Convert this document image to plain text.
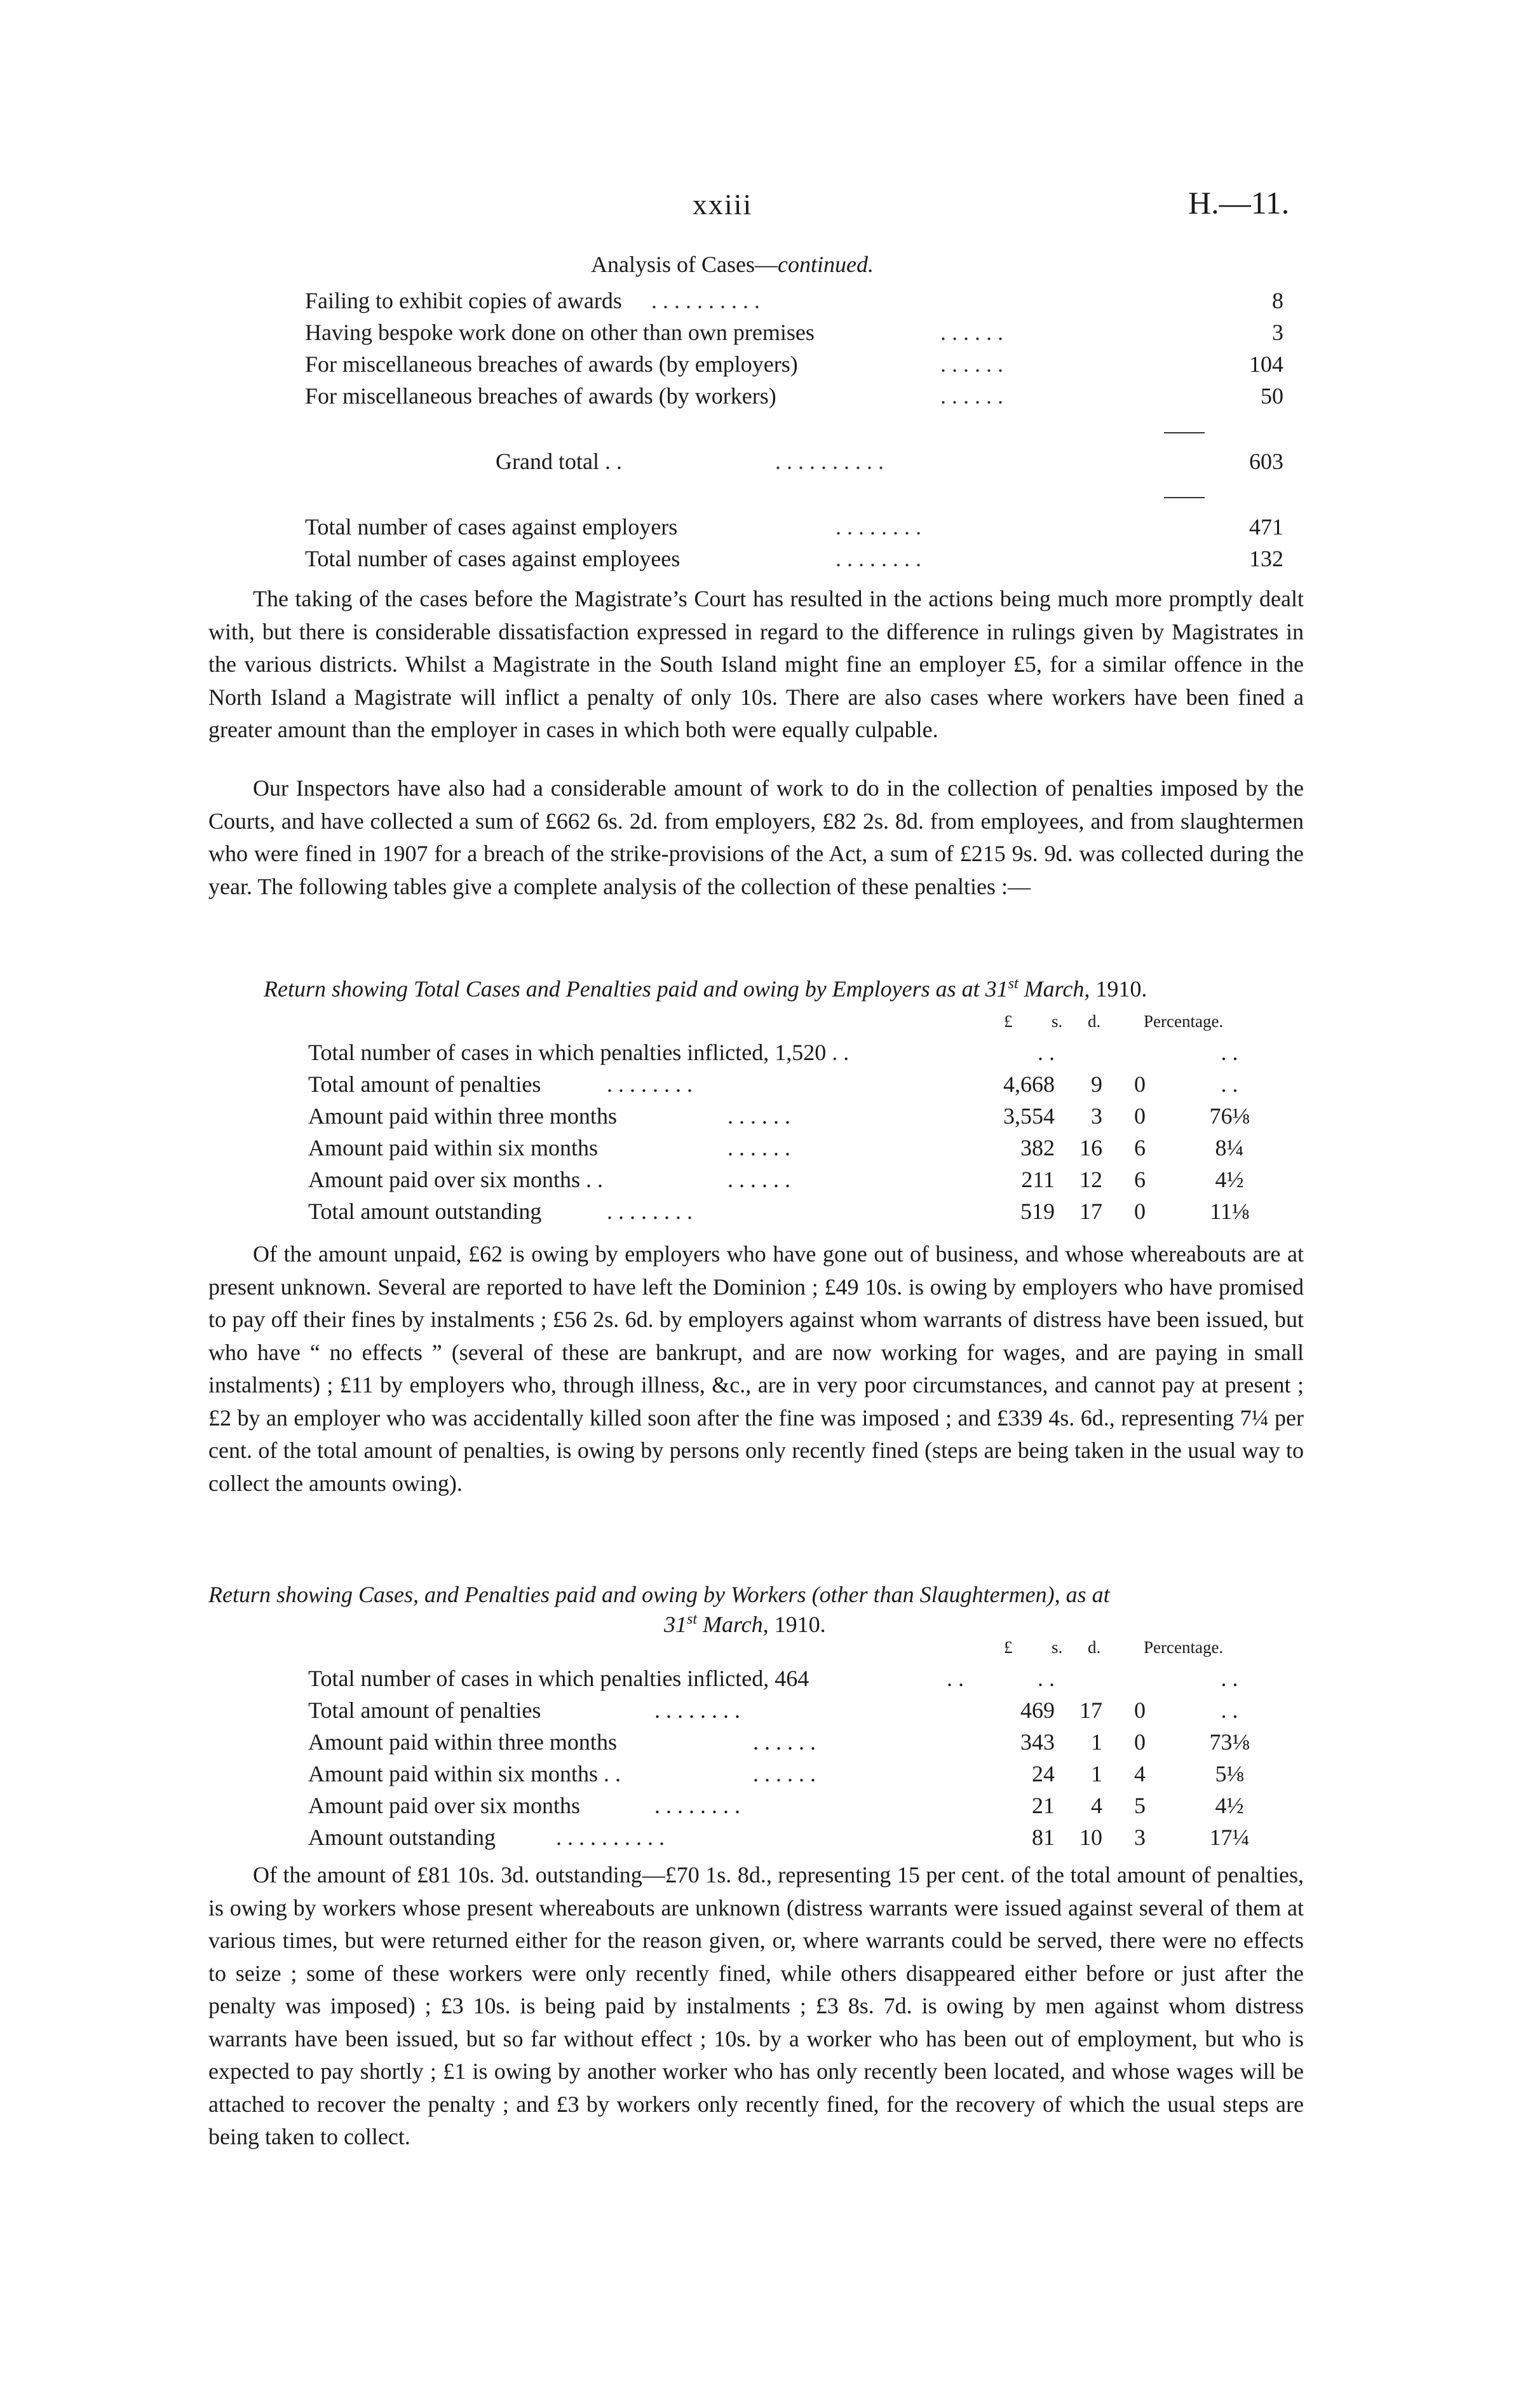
xxiii	H.—11.
Analysis of Cases—continued.
Failing to exhibit copies of awards . . . . . . . . . .	8
Having bespoke work done on other than own premises	. . . . . .	3
For miscellaneous breaches of awards (by employers)	. . . . . .	104
For miscellaneous breaches of awards (by workers)	. . . . . .	50
Grand total . .	. . . . . . . . . .	603
Total number of cases against employers	. . . . . . . .	471
Total number of cases against employees	. . . . . . . .	132
The taking of the cases before the Magistrate’s Court has resulted in the actions being much more promptly dealt with, but there is considerable dissatisfaction expressed in regard to the difference in rulings given by Magistrates in the various districts. Whilst a Magistrate in the South Island might fine an employer £5, for a similar offence in the North Island a Magistrate will inflict a penalty of only 10s. There are also cases where workers have been fined a greater amount than the employer in cases in which both were equally culpable.
Our Inspectors have also had a considerable amount of work to do in the collection of penalties imposed by the Courts, and have collected a sum of £662 6s. 2d. from employers, £82 2s. 8d. from employees, and from slaughtermen who were fined in 1907 for a breach of the strike-provisions of the Act, a sum of £215 9s. 9d. was collected during the year. The following tables give a complete analysis of the collection of these penalties :—
Return showing Total Cases and Penalties paid and owing by Employers as at 31st March, 1910.
£ s. d.	Percentage.
Total number of cases in which penalties inflicted, 1,520 . .	. .	. .
Total amount of penalties	. . . . . . . .	4,668	9	0	. .
Amount paid within three months	. . . . . .	3,554	3	0	76⅛
Amount paid within six months	. . . . . .	382	16	6	8¼
Amount paid over six months . .	. . . . . .	211	12	6	4½
Total amount outstanding	. . . . . . . .	519	17	0	11⅛
Of the amount unpaid, £62 is owing by employers who have gone out of business, and whose whereabouts are at present unknown. Several are reported to have left the Dominion ; £49 10s. is owing by employers who have promised to pay off their fines by instalments ; £56 2s. 6d. by employers against whom warrants of distress have been issued, but who have “ no effects ” (several of these are bankrupt, and are now working for wages, and are paying in small instalments) ; £11 by employers who, through illness, &c., are in very poor circumstances, and cannot pay at present ; £2 by an employer who was accidentally killed soon after the fine was imposed ; and £339 4s. 6d., representing 7¼ per cent. of the total amount of penalties, is owing by persons only recently fined (steps are being taken in the usual way to collect the amounts owing).
Return showing Cases, and Penalties paid and owing by Workers (other than Slaughtermen), as at
31st March, 1910.
£ s. d.	Percentage.
Total number of cases in which penalties inflicted, 464	. .	. .	. .
Total amount of penalties	. . . . . . . .	469	17	0	. .
Amount paid within three months	. . . . . .	343	1	0	73⅛
Amount paid within six months . .	. . . . . .	24	1	4	5⅛
Amount paid over six months	. . . . . . . .	21	4	5	4½
Amount outstanding	. . . . . . . . . .	81	10	3	17¼
Of the amount of £81 10s. 3d. outstanding—£70 1s. 8d., representing 15 per cent. of the total amount of penalties, is owing by workers whose present whereabouts are unknown (distress warrants were issued against several of them at various times, but were returned either for the reason given, or, where warrants could be served, there were no effects to seize ; some of these workers were only recently fined, while others disappeared either before or just after the penalty was imposed) ; £3 10s. is being paid by instalments ; £3 8s. 7d. is owing by men against whom distress warrants have been issued, but so far without effect ; 10s. by a worker who has been out of employment, but who is expected to pay shortly ; £1 is owing by another worker who has only recently been located, and whose wages will be attached to recover the penalty ; and £3 by workers only recently fined, for the recovery of which the usual steps are being taken to collect.
